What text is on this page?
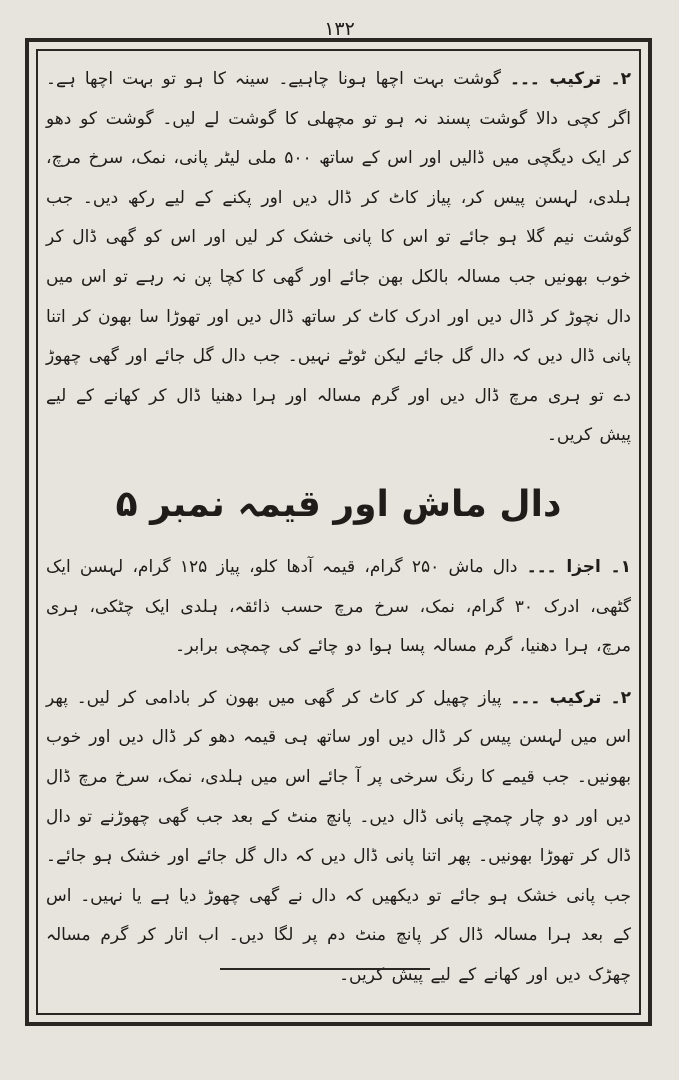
۱۳۲

۲۔ ترکیب ۔۔۔ گوشت بہت اچھا ہونا چاہیے۔ سینہ کا ہو تو بہت اچھا ہے۔ اگر کچی دالا گوشت پسند نہ ہو تو مچھلی کا گوشت لے لیں۔ گوشت کو دھو کر ایک دیگچی میں ڈالیں اور اس کے ساتھ ۵۰۰ ملی لیٹر پانی، نمک، سرخ مرچ، ہلدی، لہسن پیس کر، پیاز کاٹ کر ڈال دیں اور پکنے کے لیے رکھ دیں۔ جب گوشت نیم گلا ہو جائے تو اس کا پانی خشک کر لیں اور اس کو گھی ڈال کر خوب بھونیں جب مسالہ بالکل بھن جائے اور گھی کا کچا پن نہ رہے تو اس میں دال نچوڑ کر ڈال دیں اور ادرک کاٹ کر ساتھ ڈال دیں اور تھوڑا سا بھون کر اتنا پانی ڈال دیں کہ دال گل جائے لیکن ٹوٹے نہیں۔ جب دال گل جائے اور گھی چھوڑ دے تو ہری مرچ ڈال دیں اور گرم مسالہ اور ہرا دھنیا ڈال کر کھانے کے لیے پیش کریں۔

دال ماش اور قیمہ نمبر ۵

۱۔ اجزا ۔۔۔ دال ماش ۲۵۰ گرام، قیمہ آدھا کلو، پیاز ۱۲۵ گرام، لہسن ایک گٹھی، ادرک ۳۰ گرام، نمک، سرخ مرچ حسب ذائقہ، ہلدی ایک چٹکی، ہری مرچ، ہرا دھنیا، گرم مسالہ پسا ہوا دو چائے کی چمچی برابر۔

۲۔ ترکیب ۔۔۔ پیاز چھیل کر کاٹ کر گھی میں بھون کر بادامی کر لیں۔ پھر اس میں لہسن پیس کر ڈال دیں اور ساتھ ہی قیمہ دھو کر ڈال دیں اور خوب بھونیں۔ جب قیمے کا رنگ سرخی پر آ جائے اس میں ہلدی، نمک، سرخ مرچ ڈال دیں اور دو چار چمچے پانی ڈال دیں۔ پانچ منٹ کے بعد جب گھی چھوڑنے تو دال ڈال کر تھوڑا بھونیں۔ پھر اتنا پانی ڈال دیں کہ دال گل جائے اور خشک ہو جائے۔ جب پانی خشک ہو جائے تو دیکھیں کہ دال نے گھی چھوڑ دیا ہے یا نہیں۔ اس کے بعد ہرا مسالہ ڈال کر پانچ منٹ دم پر لگا دیں۔ اب اتار کر گرم مسالہ چھڑک دیں اور کھانے کے لیے پیش کریں۔
